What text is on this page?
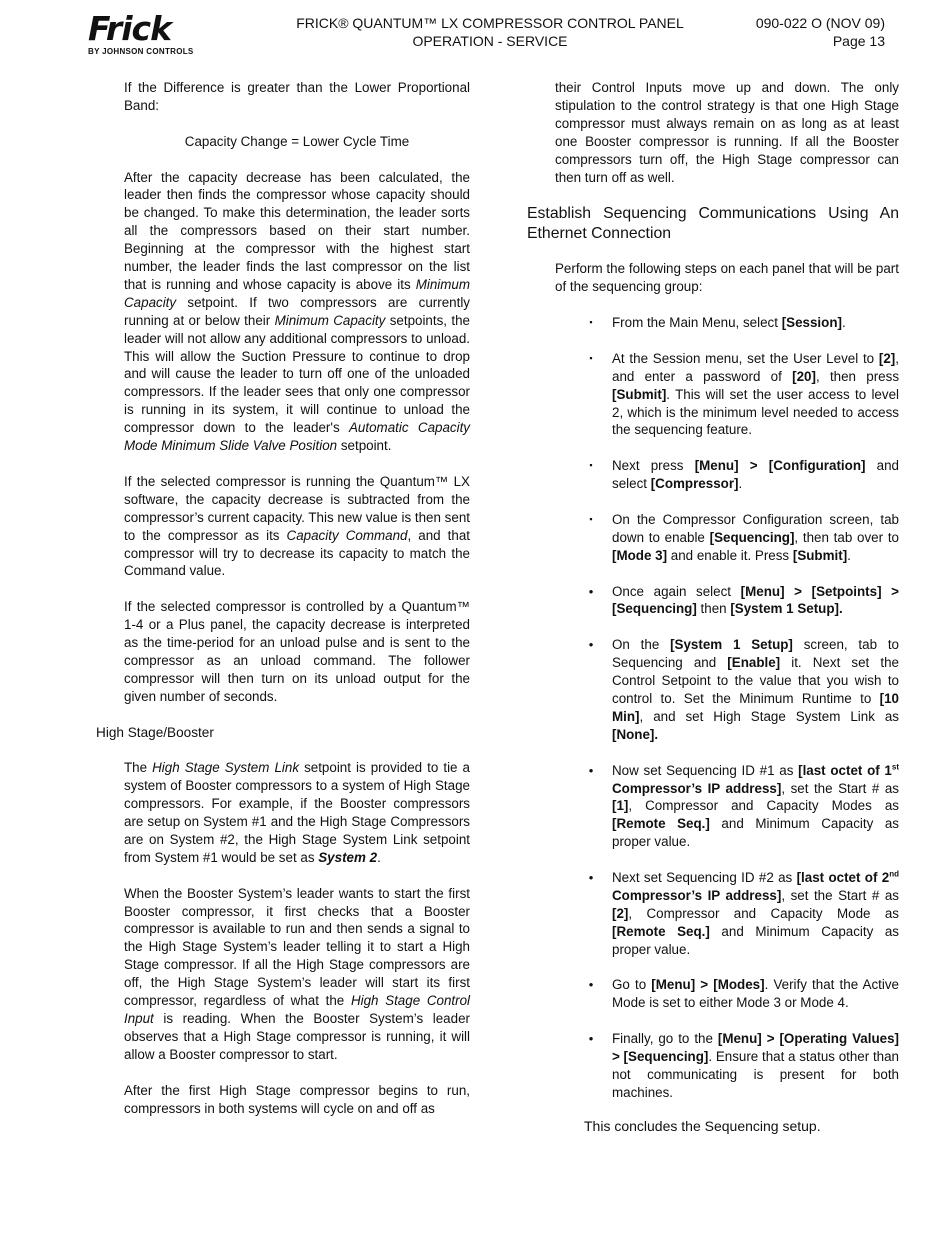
Frick
BY JOHNSON CONTROLS
FRICK® QUANTUM™ LX COMPRESSOR CONTROL PANEL
OPERATION - SERVICE
090-022 O (NOV 09)
Page 13

If the Difference is greater than the Lower Proportional Band:

Capacity Change = Lower Cycle Time

After the capacity decrease has been calculated, the leader then finds the compressor whose capacity should be changed. To make this determination, the leader sorts all the compressors based on their start number. Beginning at the compressor with the highest start number, the leader finds the last compressor on the list that is running and whose capacity is above its Minimum Capacity setpoint. If two compressors are currently running at or below their Minimum Capacity setpoints, the leader will not allow any additional compressors to unload. This will allow the Suction Pressure to continue to drop and will cause the leader to turn off one of the unloaded compressors. If the leader sees that only one compressor is running in its system, it will continue to unload the compressor down to the leader's Automatic Capacity Mode Minimum Slide Valve Position setpoint.

If the selected compressor is running the Quantum™ LX software, the capacity decrease is subtracted from the compressor’s current capacity. This new value is then sent to the compressor as its Capacity Command, and that compressor will try to decrease its capacity to match the Command value.

If the selected compressor is controlled by a Quantum™ 1-4 or a Plus panel, the capacity decrease is interpreted as the time-period for an unload pulse and is sent to the compressor as an unload command. The follower compressor will then turn on its unload output for the given number of seconds.

High Stage/Booster

The High Stage System Link setpoint is provided to tie a system of Booster compressors to a system of High Stage compressors. For example, if the Booster compressors are setup on System #1 and the High Stage Compressors are on System #2, the High Stage System Link setpoint from System #1 would be set as System 2.

When the Booster System’s leader wants to start the first Booster compressor, it first checks that a Booster compressor is available to run and then sends a signal to the High Stage System’s leader telling it to start a High Stage compressor. If all the High Stage compressors are off, the High Stage System’s leader will start its first compressor, regardless of what the High Stage Control Input is reading. When the Booster System’s leader observes that a High Stage compressor is running, it will allow a Booster compressor to start.

After the first High Stage compressor begins to run, compressors in both systems will cycle on and off as

their Control Inputs move up and down. The only stipulation to the control strategy is that one High Stage compressor must always remain on as long as at least one Booster compressor is running. If all the Booster compressors turn off, the High Stage compressor can then turn off as well.

Establish Sequencing Communications Using An Ethernet Connection

Perform the following steps on each panel that will be part of the sequencing group:

▪	From the Main Menu, select [Session].
▪	At the Session menu, set the User Level to [2], and enter a password of [20], then press [Submit]. This will set the user access to level 2, which is the minimum level needed to access the sequencing feature.
▪	Next press [Menu] > [Configuration] and select [Compressor].
▪	On the Compressor Configuration screen, tab down to enable [Sequencing], then tab over to [Mode 3] and enable it. Press [Submit].
• Once again select [Menu] > [Setpoints] > [Sequencing] then [System 1 Setup].
• On the [System 1 Setup] screen, tab to Sequencing and [Enable] it. Next set the Control Setpoint to the value that you wish to control to. Set the Minimum Runtime to [10 Min], and set High Stage System Link as [None].
• Now set Sequencing ID #1 as [last octet of 1st Compressor’s IP address], set the Start # as [1], Compressor and Capacity Modes as [Remote Seq.] and Minimum Capacity as proper value.
• Next set Sequencing ID #2 as [last octet of 2nd Compressor’s IP address], set the Start # as [2], Compressor and Capacity Mode as [Remote Seq.] and Minimum Capacity as proper value.
• Go to [Menu] > [Modes]. Verify that the Active Mode is set to either Mode 3 or Mode 4.
• Finally, go to the [Menu] > [Operating Values] > [Sequencing]. Ensure that a status other than not communicating is present for both machines.
This concludes the Sequencing setup.
